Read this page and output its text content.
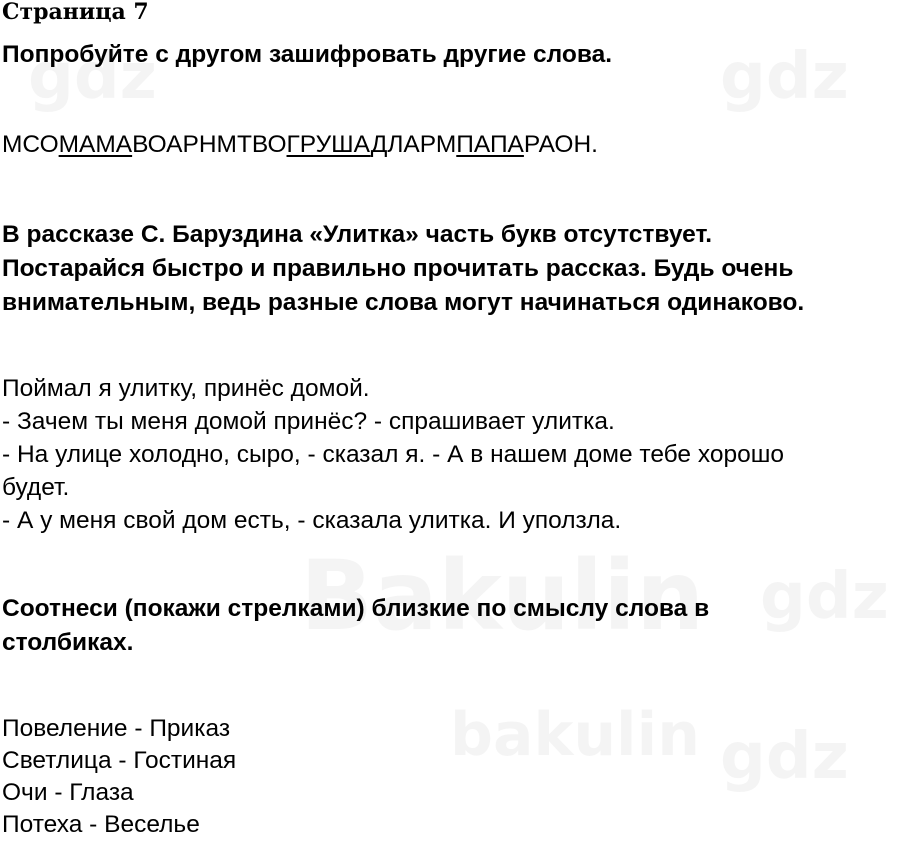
Страница 7
Попробуйте с другом зашифровать другие слова.
МСОМАМАВОАРНМТВОГРУШАДЛАРМПАПАРАОН.
В рассказе С. Баруздина «Улитка» часть букв отсутствует.
Постарайся быстро и правильно прочитать рассказ. Будь очень
внимательным, ведь разные слова могут начинаться одинаково.
Поймал я улитку, принёс домой.
- Зачем ты меня домой принёс? - спрашивает улитка.
- На улице холодно, сыро, - сказал я. - А в нашем доме тебе хорошо
будет.
- А у меня свой дом есть, - сказала улитка. И уползла.
Соотнеси (покажи стрелками) близкие по смыслу слова в
столбиках.
Повеление - Приказ
Светлица - Гостиная
Очи - Глаза
Потеха - Веселье
